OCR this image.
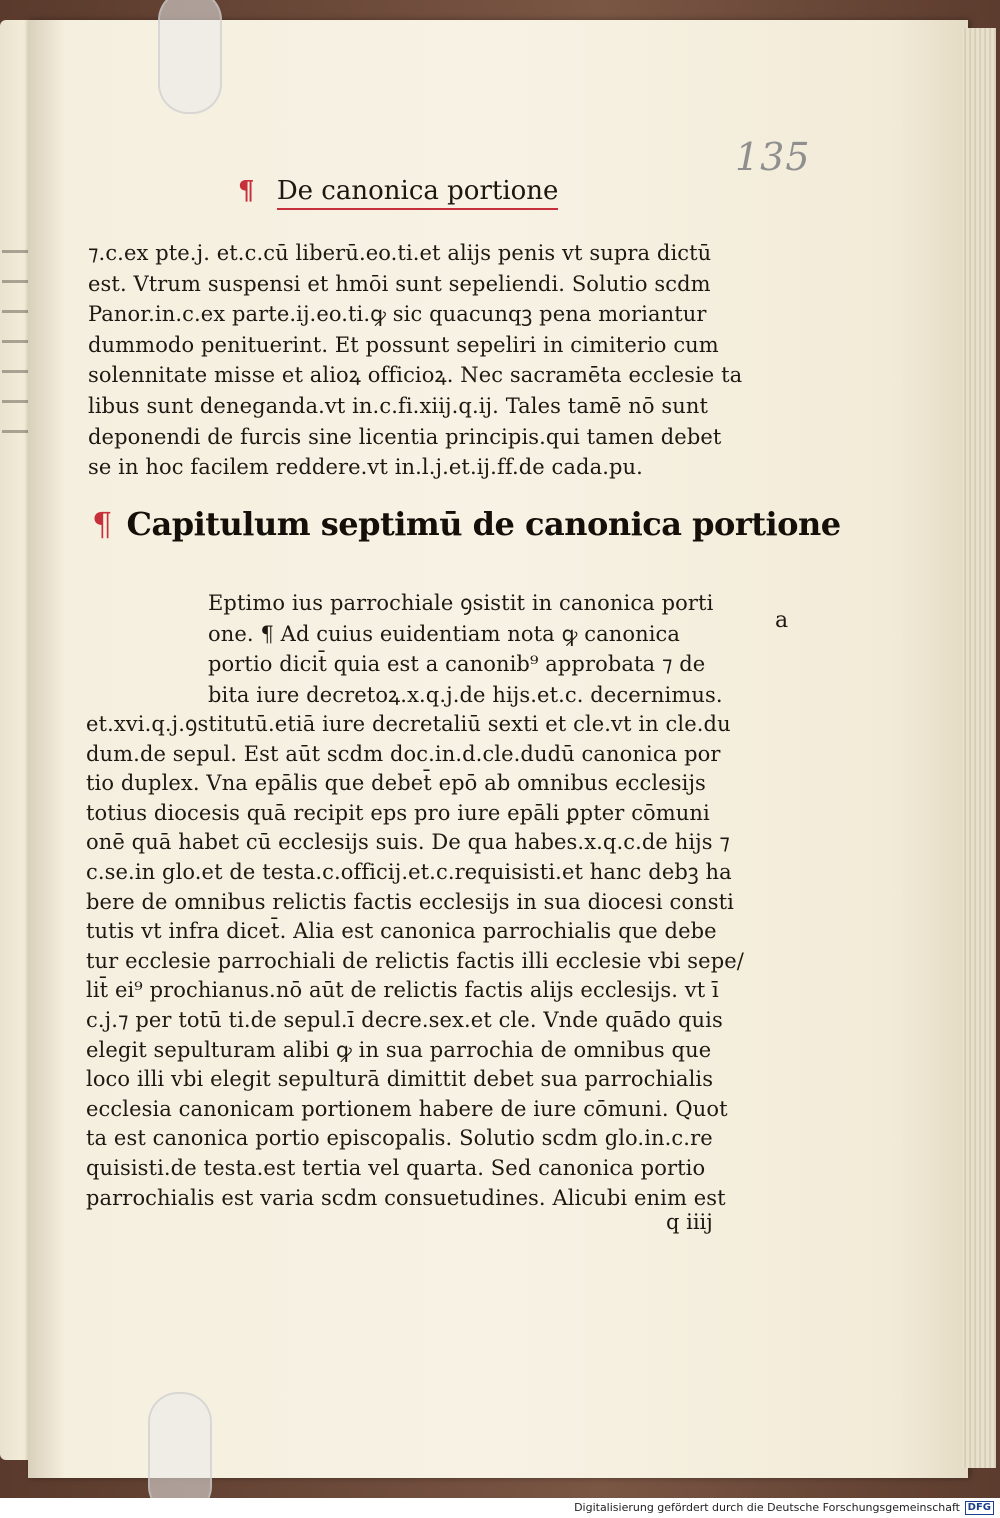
135
¶ De canonica portione
⁊.c.ex pte.j. et.c.cū liberū.eo.ti.et alijs penis vt supra dictū
est. Vtrum suspensi et hmōi sunt sepeliendi. Solutio scdm
Panor.in.c.ex parte.ij.eo.ti.ꝙ sic quacunqꝫ pena moriantur
dummodo penituerint. Et possunt sepeliri in cimiterio cum
solennitate misse et alioꝝ officioꝝ. Nec sacramēta ecclesie ta
libus sunt deneganda.vt in.c.fi.xiij.q.ij. Tales tamē nō sunt
deponendi de furcis sine licentia principis.qui tamen debet
se in hoc facilem reddere.vt in.l.j.et.ij.ff.de cada.pu.
¶ Capitulum septimū de canonica portione
Eptimo ius parrochiale ꝯsistit in canonica porti
one. ¶ Ad cuius euidentiam nota ꝙ canonica
portio dicit̄ quia est a canonib⁹ approbata ⁊ de
bita iure decretoꝝ.x.q.j.de hijs.et.c. decernimus.
a
et.xvi.q.j.ꝯstitutū.etiā iure decretaliū sexti et cle.vt in cle.du
dum.de sepul. Est aūt scdm doc.in.d.cle.dudū canonica por
tio duplex. Vna epālis que debet̄ epō ab omnibus ecclesijs
totius diocesis quā recipit eps pro iure epāli ꝑpter cōmuni
onē quā habet cū ecclesijs suis. De qua habes.x.q.c.de hijs ⁊
c.se.in glo.et de testa.c.officij.et.c.requisisti.et hanc debꝫ ha
bere de omnibus relictis factis ecclesijs in sua diocesi consti
tutis vt infra dicet̄. Alia est canonica parrochialis que debe
tur ecclesie parrochiali de relictis factis illi ecclesie vbi sepe/
lit̄ ei⁹ prochianus.nō aūt de relictis factis alijs ecclesijs. vt ī
c.j.⁊ per totū ti.de sepul.ī decre.sex.et cle. Vnde quādo quis
elegit sepulturam alibi ꝙ in sua parrochia de omnibus que
loco illi vbi elegit sepulturā dimittit debet sua parrochialis
ecclesia canonicam portionem habere de iure cōmuni. Quot
ta est canonica portio episcopalis. Solutio scdm glo.in.c.re
quisisti.de testa.est tertia vel quarta. Sed canonica portio
parrochialis est varia scdm consuetudines. Alicubi enim est
q iiij
Digitalisierung gefördert durch die Deutsche Forschungsgemeinschaft DFG
